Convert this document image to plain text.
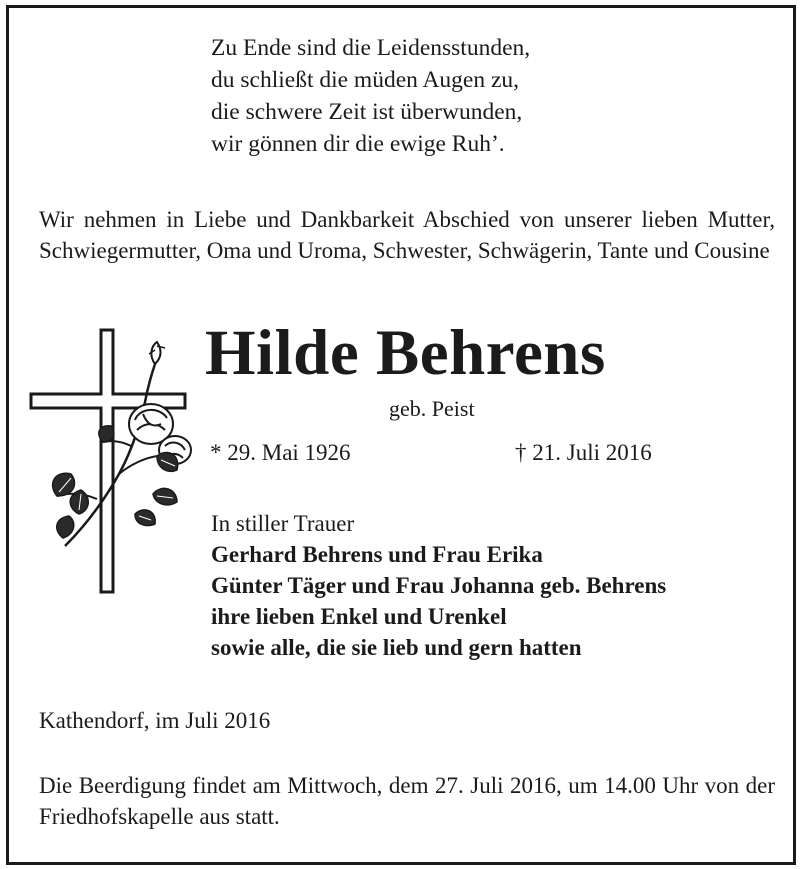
Zu Ende sind die Leidensstunden,
du schließt die müden Augen zu,
die schwere Zeit ist überwunden,
wir gönnen dir die ewige Ruh’.
Wir nehmen in Liebe und Dankbarkeit Abschied von unserer lieben Mutter, Schwiegermutter, Oma und Uroma, Schwester, Schwägerin, Tante und Cousine
Hilde Behrens
geb. Peist
* 29. Mai 1926	† 21. Juli 2016
In stiller Trauer
Gerhard Behrens und Frau Erika
Günter Täger und Frau Johanna geb. Behrens
ihre lieben Enkel und Urenkel
sowie alle, die sie lieb und gern hatten
Kathendorf, im Juli 2016
Die Beerdigung findet am Mittwoch, dem 27. Juli 2016, um 14.00 Uhr von der Friedhofskapelle aus statt.
